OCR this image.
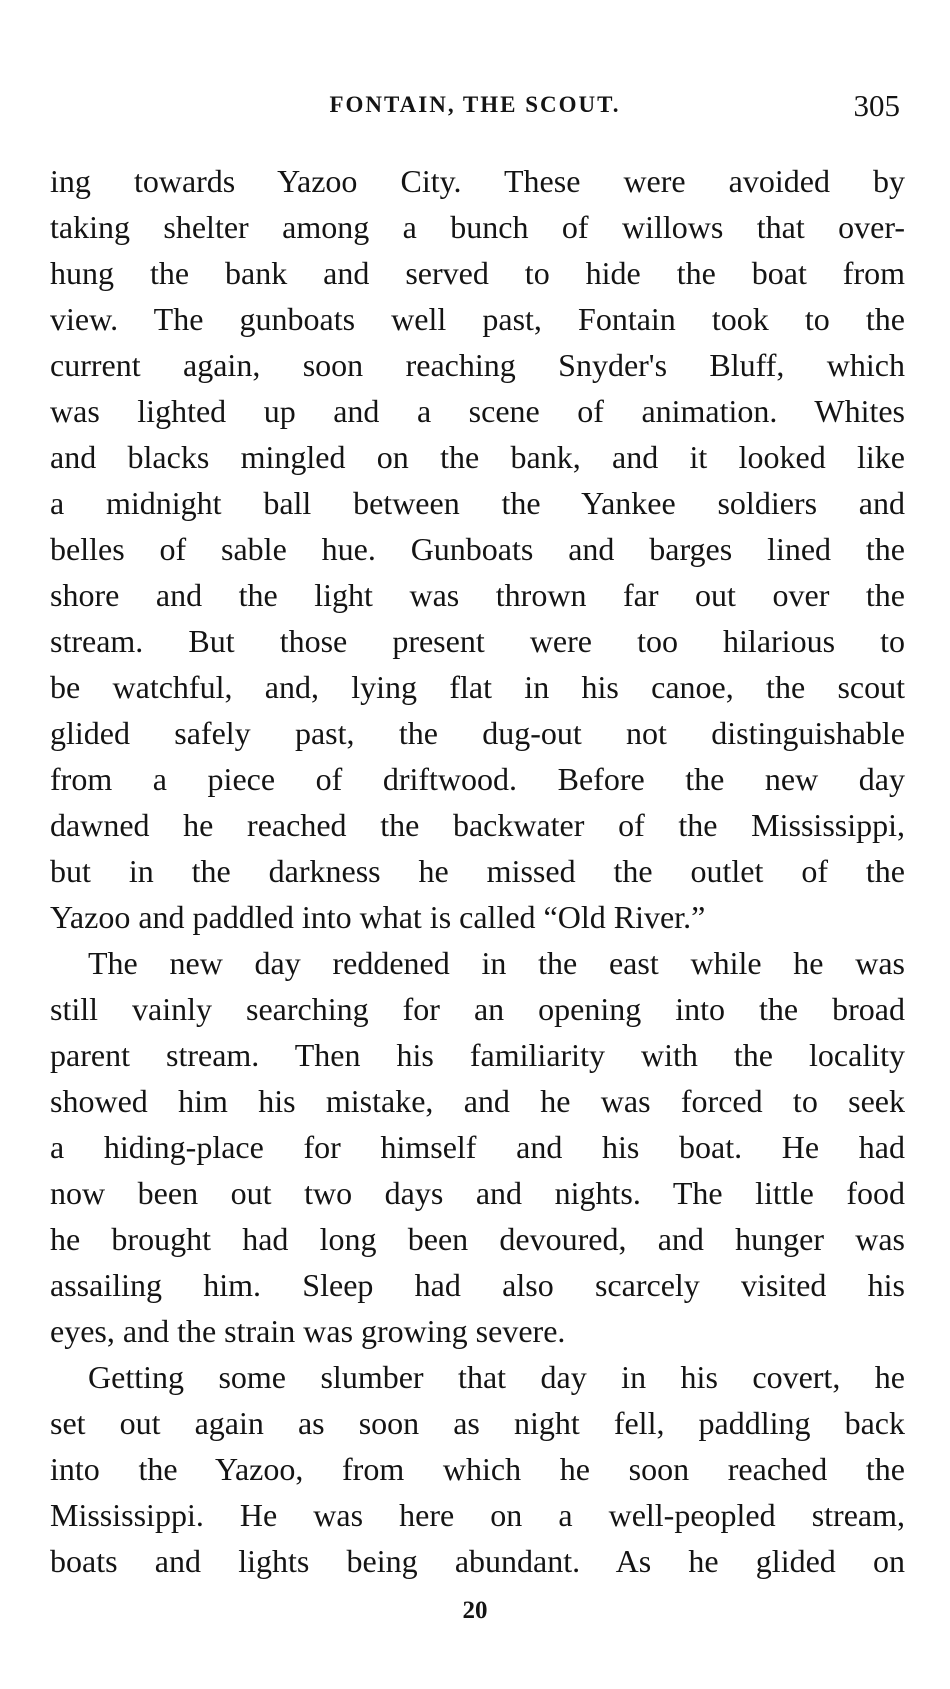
FONTAIN, THE SCOUT.	305

ing towards Yazoo City. These were avoided by
taking shelter among a bunch of willows that over-
hung the bank and served to hide the boat from
view. The gunboats well past, Fontain took to the
current again, soon reaching Snyder's Bluff, which
was lighted up and a scene of animation. Whites
and blacks mingled on the bank, and it looked like
a midnight ball between the Yankee soldiers and
belles of sable hue. Gunboats and barges lined the
shore and the light was thrown far out over the
stream. But those present were too hilarious to
be watchful, and, lying flat in his canoe, the scout
glided safely past, the dug-out not distinguishable
from a piece of driftwood. Before the new day
dawned he reached the backwater of the Mississippi,
but in the darkness he missed the outlet of the
Yazoo and paddled into what is called “Old River.”

The new day reddened in the east while he was
still vainly searching for an opening into the broad
parent stream. Then his familiarity with the locality
showed him his mistake, and he was forced to seek
a hiding-place for himself and his boat. He had
now been out two days and nights. The little food
he brought had long been devoured, and hunger was
assailing him. Sleep had also scarcely visited his
eyes, and the strain was growing severe.

Getting some slumber that day in his covert, he
set out again as soon as night fell, paddling back
into the Yazoo, from which he soon reached the
Mississippi. He was here on a well-peopled stream,
boats and lights being abundant. As he glided on

20
